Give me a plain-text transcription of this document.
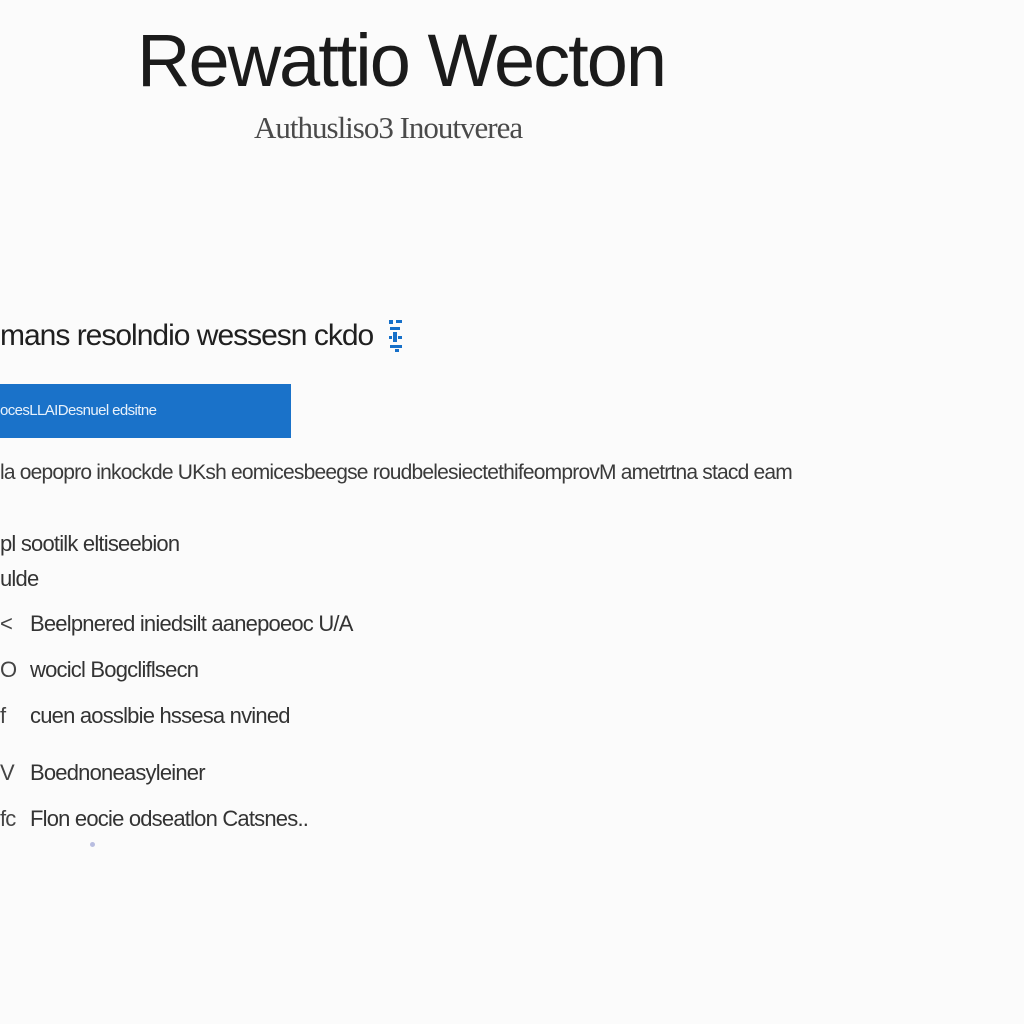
Rewattio Wecton
Authusliso3 Inoutverea
mans resolndio wessesn ckdo
ocesLLAIDesnuel edsitne
la oepopro inkockde UKsh eomicesbeegse roudbelesiectethifeomprovM ametrtna stacd eam
pl sootilk eltiseebion
ulde
< Beelpnered iniedsilt aanepoeoc U/A
O wocicl Bogcliflsecn
f	cuen aosslbie hssesa nvined
V Boednoneasyleiner
fc Flon eocie odseatlon Catsnes..
